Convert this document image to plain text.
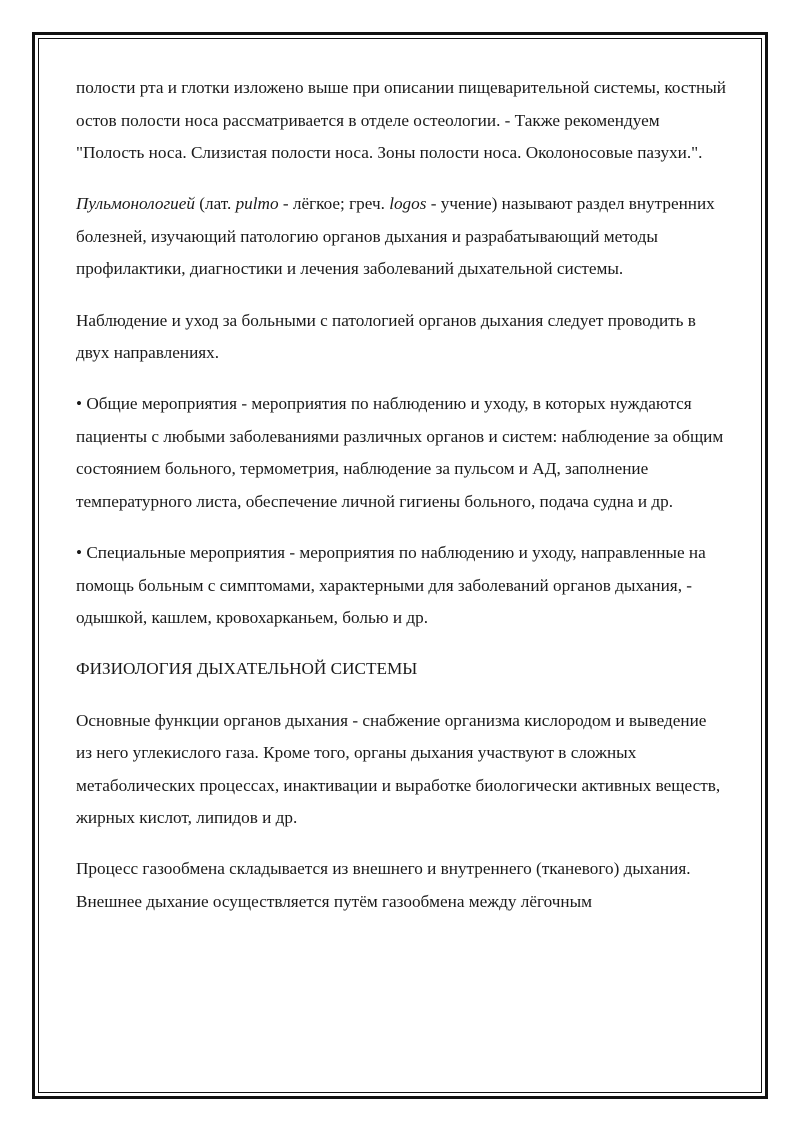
полости рта и глотки изложено выше при описании пищеварительной системы, костный остов полости носа рассматривается в отделе остеологии. - Также рекомендуем "Полость носа. Слизистая полости носа. Зоны полости носа. Околоносовые пазухи.".

Пульмонологией (лат. pulmo - лёгкое; греч. logos - учение) называют раздел внутренних болезней, изучающий патологию органов дыхания и разрабатывающий методы профилактики, диагностики и лечения заболеваний дыхательной системы.

Наблюдение и уход за больными с патологией органов дыхания следует проводить в двух направлениях.

• Общие мероприятия - мероприятия по наблюдению и уходу, в которых нуждаются пациенты с любыми заболеваниями различных органов и систем: наблюдение за общим состоянием больного, термометрия, наблюдение за пульсом и АД, заполнение температурного листа, обеспечение личной гигиены больного, подача судна и др.

• Специальные мероприятия - мероприятия по наблюдению и уходу, направленные на помощь больным с симптомами, характерными для заболеваний органов дыхания, - одышкой, кашлем, кровохарканьем, болью и др.

ФИЗИОЛОГИЯ ДЫХАТЕЛЬНОЙ СИСТЕМЫ

Основные функции органов дыхания - снабжение организма кислородом и выведение из него углекислого газа. Кроме того, органы дыхания участвуют в сложных метаболических процессах, инактивации и выработке биологически активных веществ, жирных кислот, липидов и др.

Процесс газообмена складывается из внешнего и внутреннего (тканевого) дыхания. Внешнее дыхание осуществляется путём газообмена между лёгочным
